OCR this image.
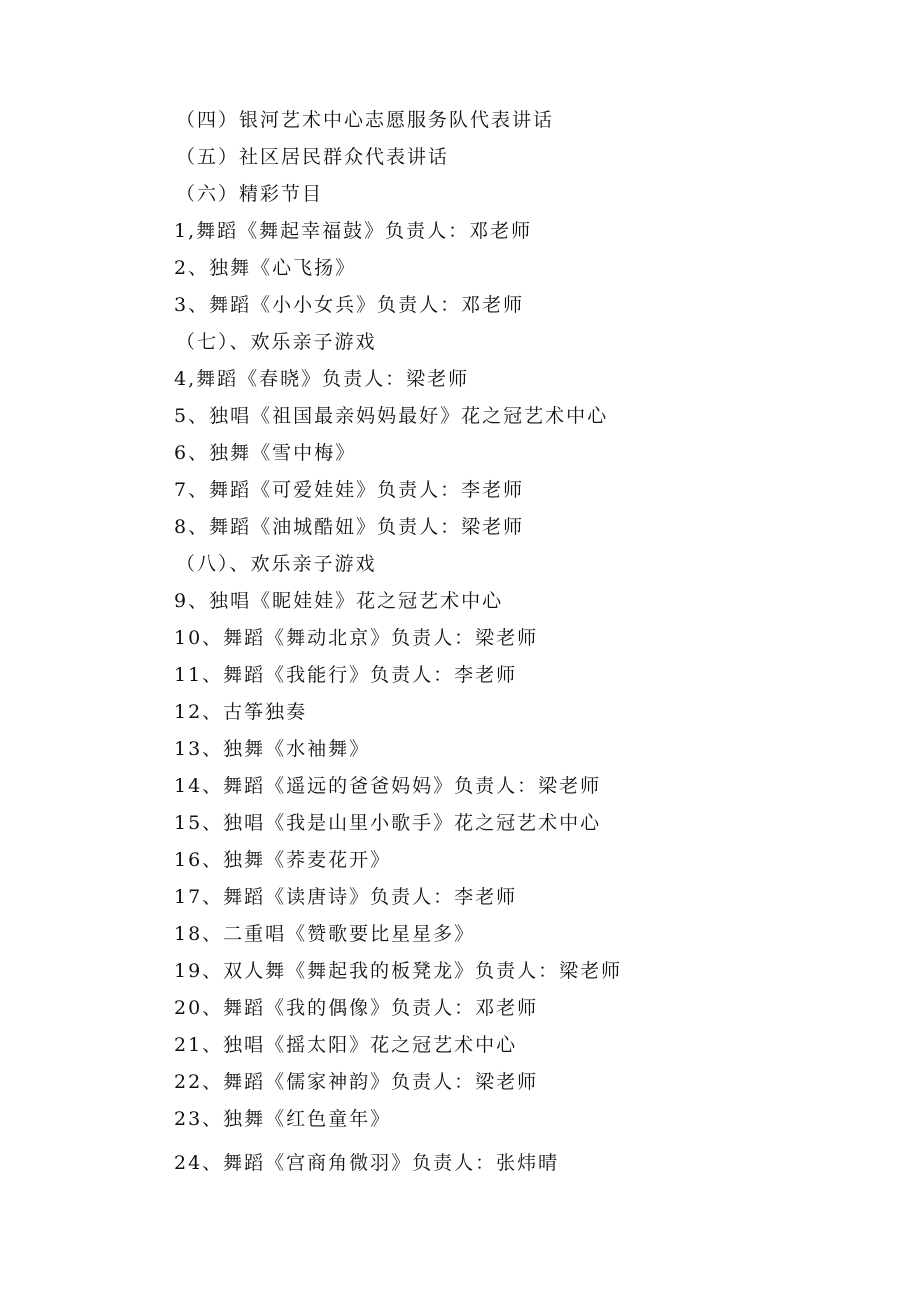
（四）银河艺术中心志愿服务队代表讲话
（五）社区居民群众代表讲话
（六）精彩节目
1,舞蹈《舞起幸福鼓》负责人：邓老师
2、独舞《心飞扬》
3、舞蹈《小小女兵》负责人：邓老师
（七）、欢乐亲子游戏
4,舞蹈《春晓》负责人：梁老师
5、独唱《祖国最亲妈妈最好》花之冠艺术中心
6、独舞《雪中梅》
7、舞蹈《可爱娃娃》负责人：李老师
8、舞蹈《油城酷妞》负责人：梁老师
（八）、欢乐亲子游戏
9、独唱《眤娃娃》花之冠艺术中心
10、舞蹈《舞动北京》负责人：梁老师
11、舞蹈《我能行》负责人：李老师
12、古筝独奏
13、独舞《水袖舞》
14、舞蹈《遥远的爸爸妈妈》负责人：梁老师
15、独唱《我是山里小歌手》花之冠艺术中心
16、独舞《荞麦花开》
17、舞蹈《读唐诗》负责人：李老师
18、二重唱《赞歌要比星星多》
19、双人舞《舞起我的板凳龙》负责人：梁老师
20、舞蹈《我的偶像》负责人：邓老师
21、独唱《摇太阳》花之冠艺术中心
22、舞蹈《儒家神韵》负责人：梁老师
23、独舞《红色童年》
24、舞蹈《宫商角微羽》负责人：张炜晴
